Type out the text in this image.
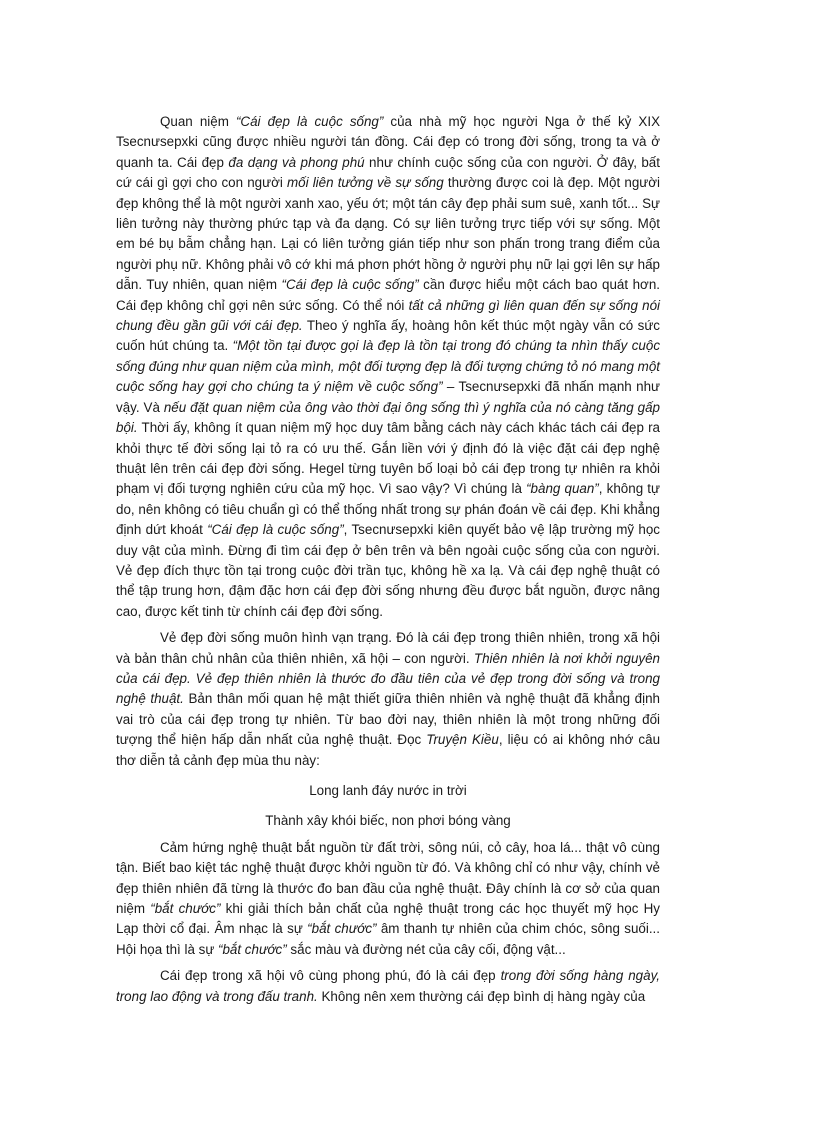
Quan niệm “Cái đẹp là cuộc sống” của nhà mỹ học người Nga ở thế kỷ XIX Tsecnưsepxki cũng được nhiều người tán đồng. Cái đẹp có trong đời sống, trong ta và ở quanh ta. Cái đẹp đa dạng và phong phú như chính cuộc sống của con người. Ở đây, bất cứ cái gì gợi cho con người mối liên tưởng về sự sống thường được coi là đẹp. Một người đẹp không thể là một người xanh xao, yếu ớt; một tán cây đẹp phải sum suê, xanh tốt... Sự liên tưởng này thường phức tạp và đa dạng. Có sự liên tưởng trực tiếp với sự sống. Một em bé bụ bẫm chẳng hạn. Lại có liên tưởng gián tiếp như son phấn trong trang điểm của người phụ nữ. Không phải vô cớ khi má phơn phớt hồng ở người phụ nữ lại gợi lên sự hấp dẫn. Tuy nhiên, quan niệm “Cái đẹp là cuộc sống” cần được hiểu một cách bao quát hơn. Cái đẹp không chỉ gợi nên sức sống. Có thể nói tất cả những gì liên quan đến sự sống nói chung đều gần gũi với cái đẹp. Theo ý nghĩa ấy, hoàng hôn kết thúc một ngày vẫn có sức cuốn hút chúng ta. “Một tồn tại được gọi là đẹp là tồn tại trong đó chúng ta nhìn thấy cuộc sống đúng như quan niệm của mình, một đối tượng đẹp là đối tượng chứng tỏ nó mang một cuộc sống hay gợi cho chúng ta ý niệm về cuộc sống” – Tsecnưsepxki đã nhấn mạnh như vậy. Và nếu đặt quan niệm của ông vào thời đại ông sống thì ý nghĩa của nó càng tăng gấp bội. Thời ấy, không ít quan niệm mỹ học duy tâm bằng cách này cách khác tách cái đẹp ra khỏi thực tế đời sống lại tỏ ra có ưu thế. Gắn liền với ý định đó là việc đặt cái đẹp nghệ thuật lên trên cái đẹp đời sống. Hegel từng tuyên bố loại bỏ cái đẹp trong tự nhiên ra khỏi phạm vị đối tượng nghiên cứu của mỹ học. Vì sao vậy? Vì chúng là “bàng quan”, không tự do, nên không có tiêu chuẩn gì có thể thống nhất trong sự phán đoán về cái đẹp. Khi khẳng định dứt khoát “Cái đẹp là cuộc sống”, Tsecnưsepxki kiên quyết bảo vệ lập trường mỹ học duy vật của mình. Đừng đi tìm cái đẹp ở bên trên và bên ngoài cuộc sống của con người. Vẻ đẹp đích thực tồn tại trong cuộc đời trần tục, không hề xa lạ. Và cái đẹp nghệ thuật có thể tập trung hơn, đậm đặc hơn cái đẹp đời sống nhưng đều được bắt nguồn, được nâng cao, được kết tinh từ chính cái đẹp đời sống.

Vẻ đẹp đời sống muôn hình vạn trạng. Đó là cái đẹp trong thiên nhiên, trong xã hội và bản thân chủ nhân của thiên nhiên, xã hội – con người. Thiên nhiên là nơi khởi nguyên của cái đẹp. Vẻ đẹp thiên nhiên là thước đo đầu tiên của vẻ đẹp trong đời sống và trong nghệ thuật. Bản thân mối quan hệ mật thiết giữa thiên nhiên và nghệ thuật đã khẳng định vai trò của cái đẹp trong tự nhiên. Từ bao đời nay, thiên nhiên là một trong những đối tượng thể hiện hấp dẫn nhất của nghệ thuật. Đọc Truyện Kiều, liệu có ai không nhớ câu thơ diễn tả cảnh đẹp mùa thu này:

Long lanh đáy nước in trời

Thành xây khói biếc, non phơi bóng vàng

Cảm hứng nghệ thuật bắt nguồn từ đất trời, sông núi, cỏ cây, hoa lá... thật vô cùng tận. Biết bao kiệt tác nghệ thuật được khởi nguồn từ đó. Và không chỉ có như vậy, chính vẻ đẹp thiên nhiên đã từng là thước đo ban đầu của nghệ thuật. Đây chính là cơ sở của quan niệm “bắt chước” khi giải thích bản chất của nghệ thuật trong các học thuyết mỹ học Hy Lạp thời cổ đại. Âm nhạc là sự “bắt chước” âm thanh tự nhiên của chim chóc, sông suối... Hội họa thì là sự “bắt chước” sắc màu và đường nét của cây cối, động vật...

Cái đẹp trong xã hội vô cùng phong phú, đó là cái đẹp trong đời sống hàng ngày, trong lao động và trong đấu tranh. Không nên xem thường cái đẹp bình dị hàng ngày của
